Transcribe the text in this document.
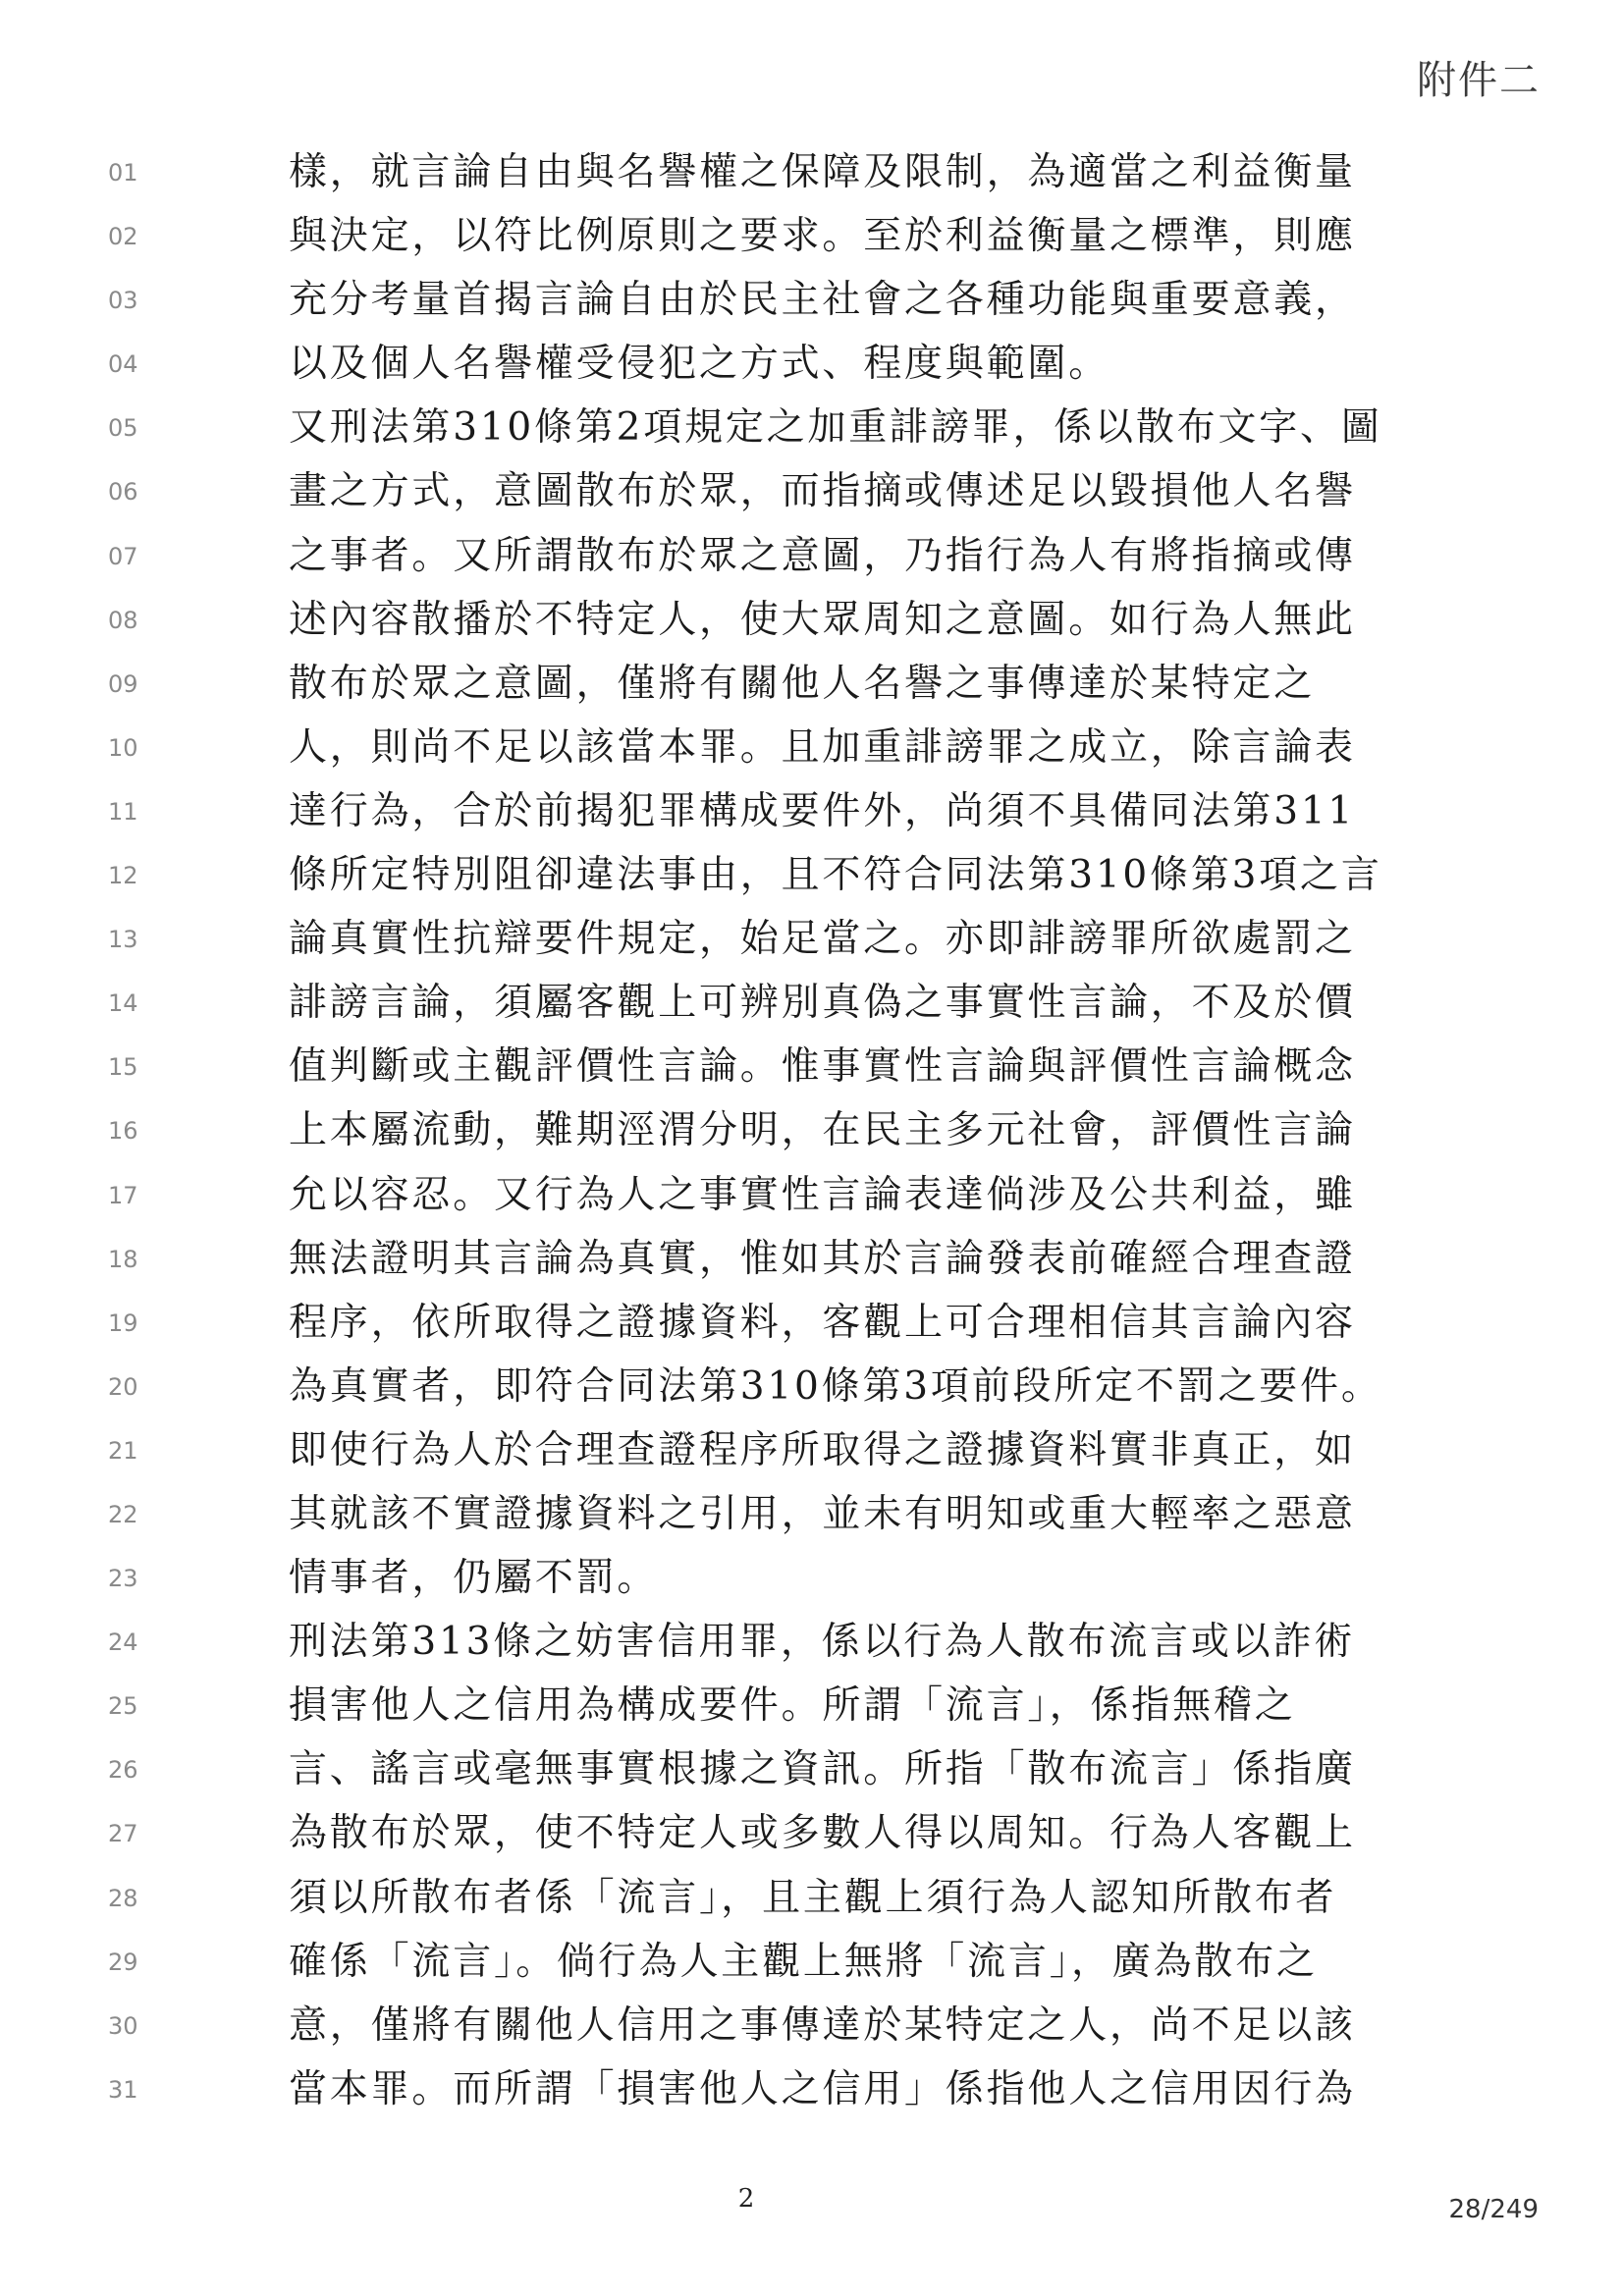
附件二
01	樣，就言論自由與名譽權之保障及限制，為適當之利益衡量
02	與決定，以符比例原則之要求。至於利益衡量之標準，則應
03	充分考量首揭言論自由於民主社會之各種功能與重要意義，
04	以及個人名譽權受侵犯之方式、程度與範圍。
05	又刑法第310條第2項規定之加重誹謗罪，係以散布文字、圖
06	畫之方式，意圖散布於眾，而指摘或傳述足以毀損他人名譽
07	之事者。又所謂散布於眾之意圖，乃指行為人有將指摘或傳
08	述內容散播於不特定人，使大眾周知之意圖。如行為人無此
09	散布於眾之意圖，僅將有關他人名譽之事傳達於某特定之
10	人，則尚不足以該當本罪。且加重誹謗罪之成立，除言論表
11	達行為，合於前揭犯罪構成要件外，尚須不具備同法第311
12	條所定特別阻卻違法事由，且不符合同法第310條第3項之言
13	論真實性抗辯要件規定，始足當之。亦即誹謗罪所欲處罰之
14	誹謗言論，須屬客觀上可辨別真偽之事實性言論，不及於價
15	值判斷或主觀評價性言論。惟事實性言論與評價性言論概念
16	上本屬流動，難期涇渭分明，在民主多元社會，評價性言論
17	允以容忍。又行為人之事實性言論表達倘涉及公共利益，雖
18	無法證明其言論為真實，惟如其於言論發表前確經合理查證
19	程序，依所取得之證據資料，客觀上可合理相信其言論內容
20	為真實者，即符合同法第310條第3項前段所定不罰之要件。
21	即使行為人於合理查證程序所取得之證據資料實非真正，如
22	其就該不實證據資料之引用，並未有明知或重大輕率之惡意
23	情事者，仍屬不罰。
24	刑法第313條之妨害信用罪，係以行為人散布流言或以詐術
25	損害他人之信用為構成要件。所謂「流言」，係指無稽之
26	言、謠言或毫無事實根據之資訊。所指「散布流言」係指廣
27	為散布於眾，使不特定人或多數人得以周知。行為人客觀上
28	須以所散布者係「流言」，且主觀上須行為人認知所散布者
29	確係「流言」。倘行為人主觀上無將「流言」，廣為散布之
30	意，僅將有關他人信用之事傳達於某特定之人，尚不足以該
31	當本罪。而所謂「損害他人之信用」係指他人之信用因行為
2	28/249
